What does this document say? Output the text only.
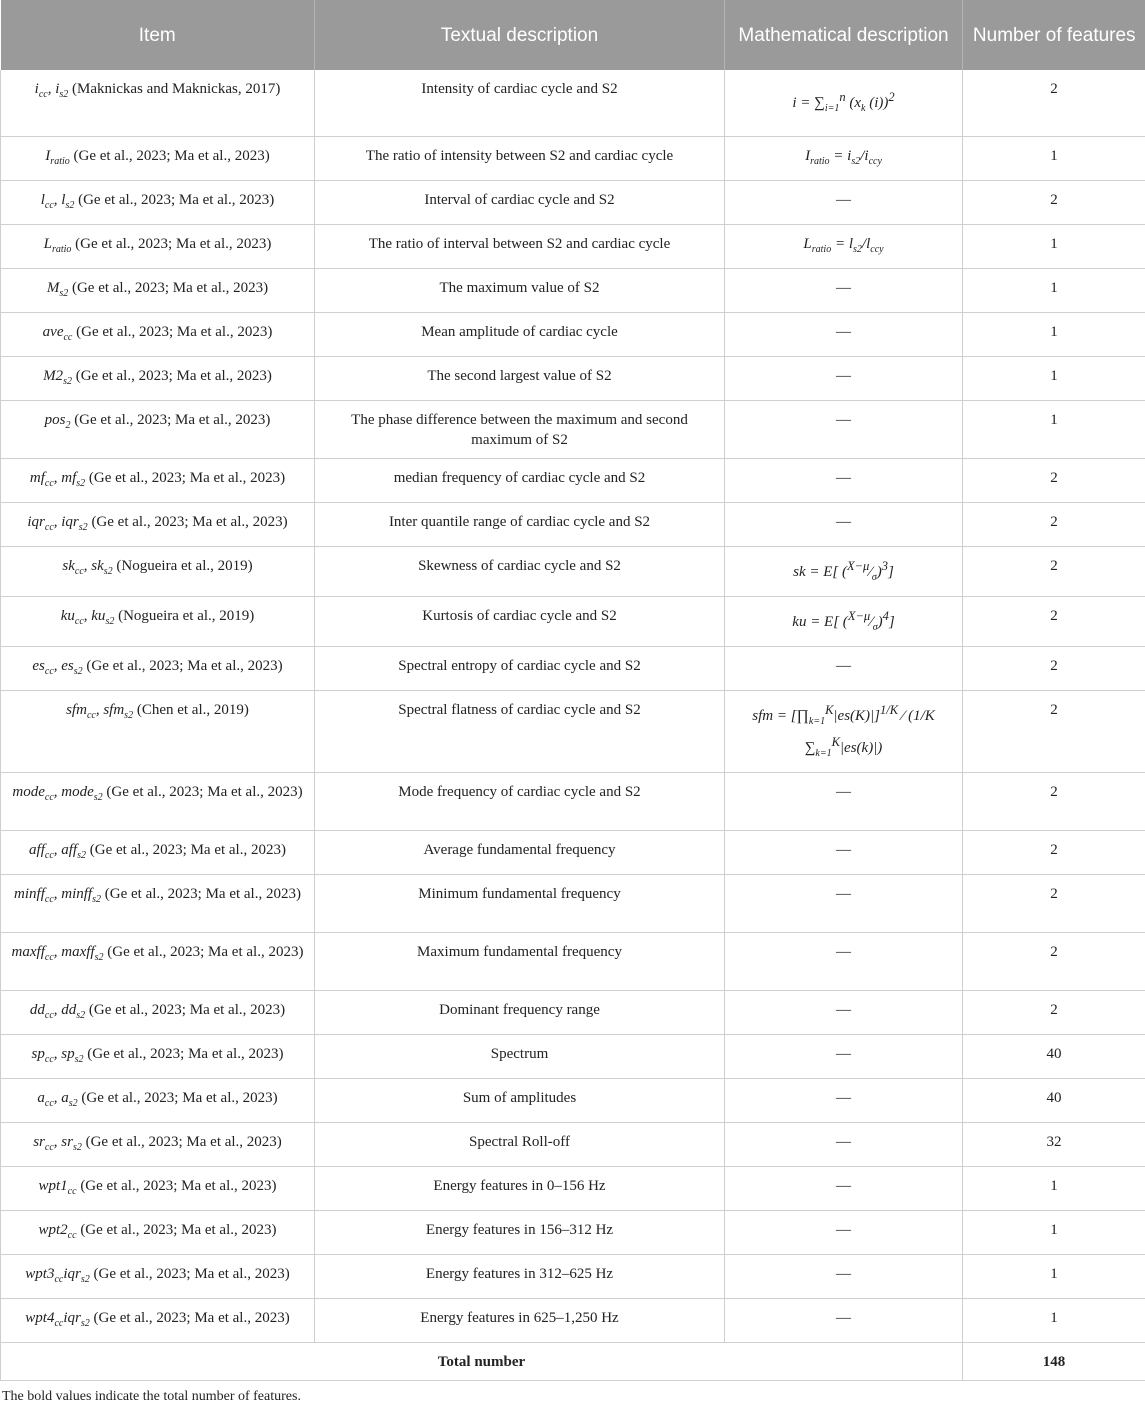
Item	Textual description	Mathematical description	Number of features
$i_{cc}$, $i_{s2}$ (Maknickas and Maknickas, 2017)	Intensity of cardiac cycle and S2	$i = \sum_{i=1}^n$ ($x_k$ (i))$^2$	2
$I_{ratio}$ (Ge et al., 2023; Ma et al., 2023)	The ratio of intensity between S2 and cardiac cycle	$I_{ratio} = i_{s2}/i_{ccy}$	1
$l_{cc}$, $l_{s2}$ (Ge et al., 2023; Ma et al., 2023)	Interval of cardiac cycle and S2	—	2
$L_{ratio}$ (Ge et al., 2023; Ma et al., 2023)	The ratio of interval between S2 and cardiac cycle	$L_{ratio} = l_{s2}/l_{ccy}$	1
$M_{s2}$ (Ge et al., 2023; Ma et al., 2023)	The maximum value of S2	—	1
ave$_{cc}$ (Ge et al., 2023; Ma et al., 2023)	Mean amplitude of cardiac cycle	—	1
$M2_{s2}$ (Ge et al., 2023; Ma et al., 2023)	The second largest value of S2	—	1
pos$_2$ (Ge et al., 2023; Ma et al., 2023)	The phase difference between the maximum and second maximum of S2	—	1
$mf_{cc}$, $mf_{s2}$ (Ge et al., 2023; Ma et al., 2023)	median frequency of cardiac cycle and S2	—	2
iqr$_{cc}$, iqr$_{s2}$ (Ge et al., 2023; Ma et al., 2023)	Inter quantile range of cardiac cycle and S2	—	2
$sk_{cc}$, $sk_{s2}$ (Nogueira et al., 2019)	Skewness of cardiac cycle and S2	sk = E[ $(^{X-\mu}⁄_\sigma)^3$]	2
$ku_{cc}$, $ku_{s2}$ (Nogueira et al., 2019)	Kurtosis of cardiac cycle and S2	ku = E[ $(^{X-\mu}⁄_\sigma)^4$]	2
$es_{cc}$, $es_{s2}$ (Ge et al., 2023; Ma et al., 2023)	Spectral entropy of cardiac cycle and S2	—	2
sfm$_{cc}$, sfm$_{s2}$ (Chen et al., 2019)	Spectral flatness of cardiac cycle and S2	sfm = $[\prod_{k=1}^K|es(K)|]^{1/K}$ ⁄ (1/K $\sum_{k=1}^K|es(k)|$)	2
mode$_{cc}$, mode$_{s2}$ (Ge et al., 2023; Ma et al., 2023)	Mode frequency of cardiac cycle and S2	—	2
aff$_{cc}$, aff$_{s2}$ (Ge et al., 2023; Ma et al., 2023)	Average fundamental frequency	—	2
minff$_{cc}$, minff$_{s2}$ (Ge et al., 2023; Ma et al., 2023)	Minimum fundamental frequency	—	2
maxff$_{cc}$, maxff$_{s2}$ (Ge et al., 2023; Ma et al., 2023)	Maximum fundamental frequency	—	2
$dd_{cc}$, $dd_{s2}$ (Ge et al., 2023; Ma et al., 2023)	Dominant frequency range	—	2
$sp_{cc}$, $sp_{s2}$ (Ge et al., 2023; Ma et al., 2023)	Spectrum	—	40
$a_{cc}$, $a_{s2}$ (Ge et al., 2023; Ma et al., 2023)	Sum of amplitudes	—	40
$sr_{cc}$, $sr_{s2}$ (Ge et al., 2023; Ma et al., 2023)	Spectral Roll-off	—	32
$wpt1_{cc}$ (Ge et al., 2023; Ma et al., 2023)	Energy features in 0–156 Hz	—	1
$wpt2_{cc}$ (Ge et al., 2023; Ma et al., 2023)	Energy features in 156–312 Hz	—	1
$wpt3_{cc}iqr_{s2}$ (Ge et al., 2023; Ma et al., 2023)	Energy features in 312–625 Hz	—	1
$wpt4_{cc}iqr_{s2}$ (Ge et al., 2023; Ma et al., 2023)	Energy features in 625–1,250 Hz	—	1
Total number			148
The bold values indicate the total number of features.
